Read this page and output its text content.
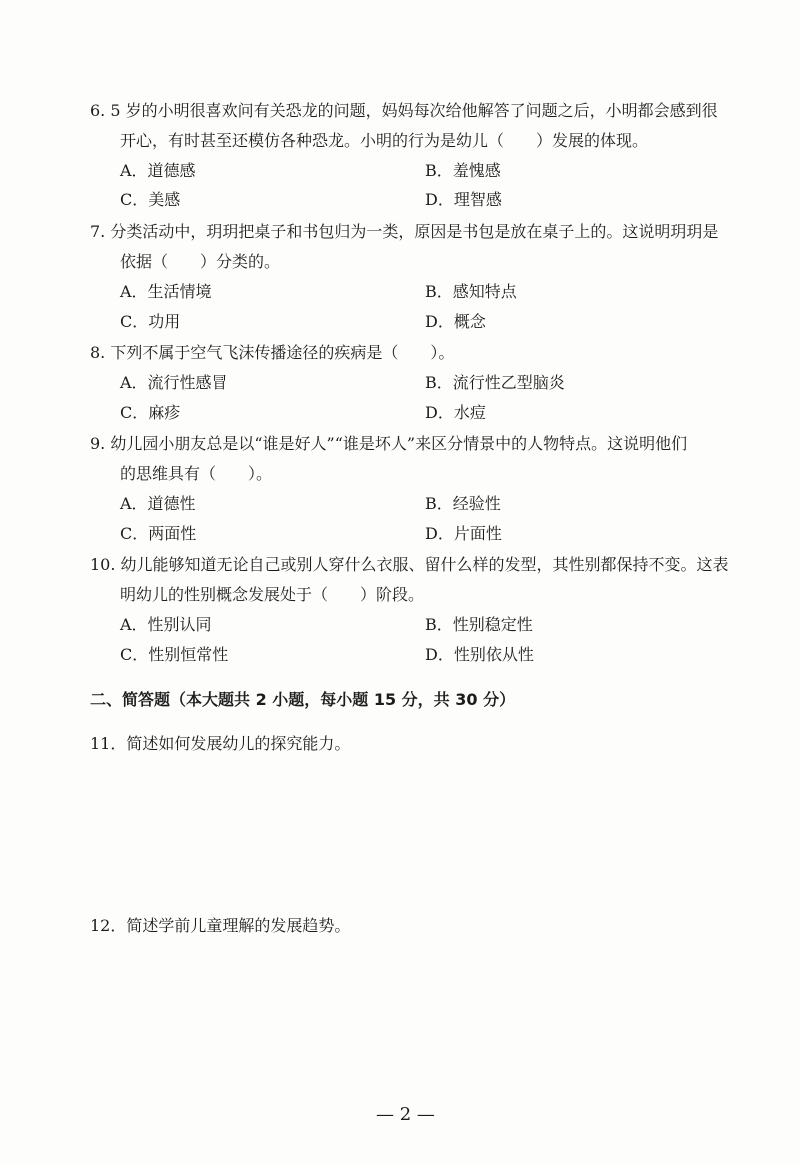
6. 5 岁的小明很喜欢问有关恐龙的问题，妈妈每次给他解答了问题之后，小明都会感到很
开心，有时甚至还模仿各种恐龙。小明的行为是幼儿（　　）发展的体现。
A．道德感	B．羞愧感
C．美感	D．理智感
7. 分类活动中，玥玥把桌子和书包归为一类，原因是书包是放在桌子上的。这说明玥玥是
依据（　　）分类的。
A．生活情境	B．感知特点
C．功用	D．概念
8. 下列不属于空气飞沫传播途径的疾病是（　　）。
A．流行性感冒	B．流行性乙型脑炎
C．麻疹	D．水痘
9. 幼儿园小朋友总是以“谁是好人”“谁是坏人”来区分情景中的人物特点。这说明他们
的思维具有（　　）。
A．道德性	B．经验性
C．两面性	D．片面性
10. 幼儿能够知道无论自己或别人穿什么衣服、留什么样的发型，其性别都保持不变。这表
明幼儿的性别概念发展处于（　　）阶段。
A．性别认同	B．性别稳定性
C．性别恒常性	D．性别依从性
二、简答题（本大题共 2 小题，每小题 15 分，共 30 分）
11．简述如何发展幼儿的探究能力。
12．简述学前儿童理解的发展趋势。
— 2 —
